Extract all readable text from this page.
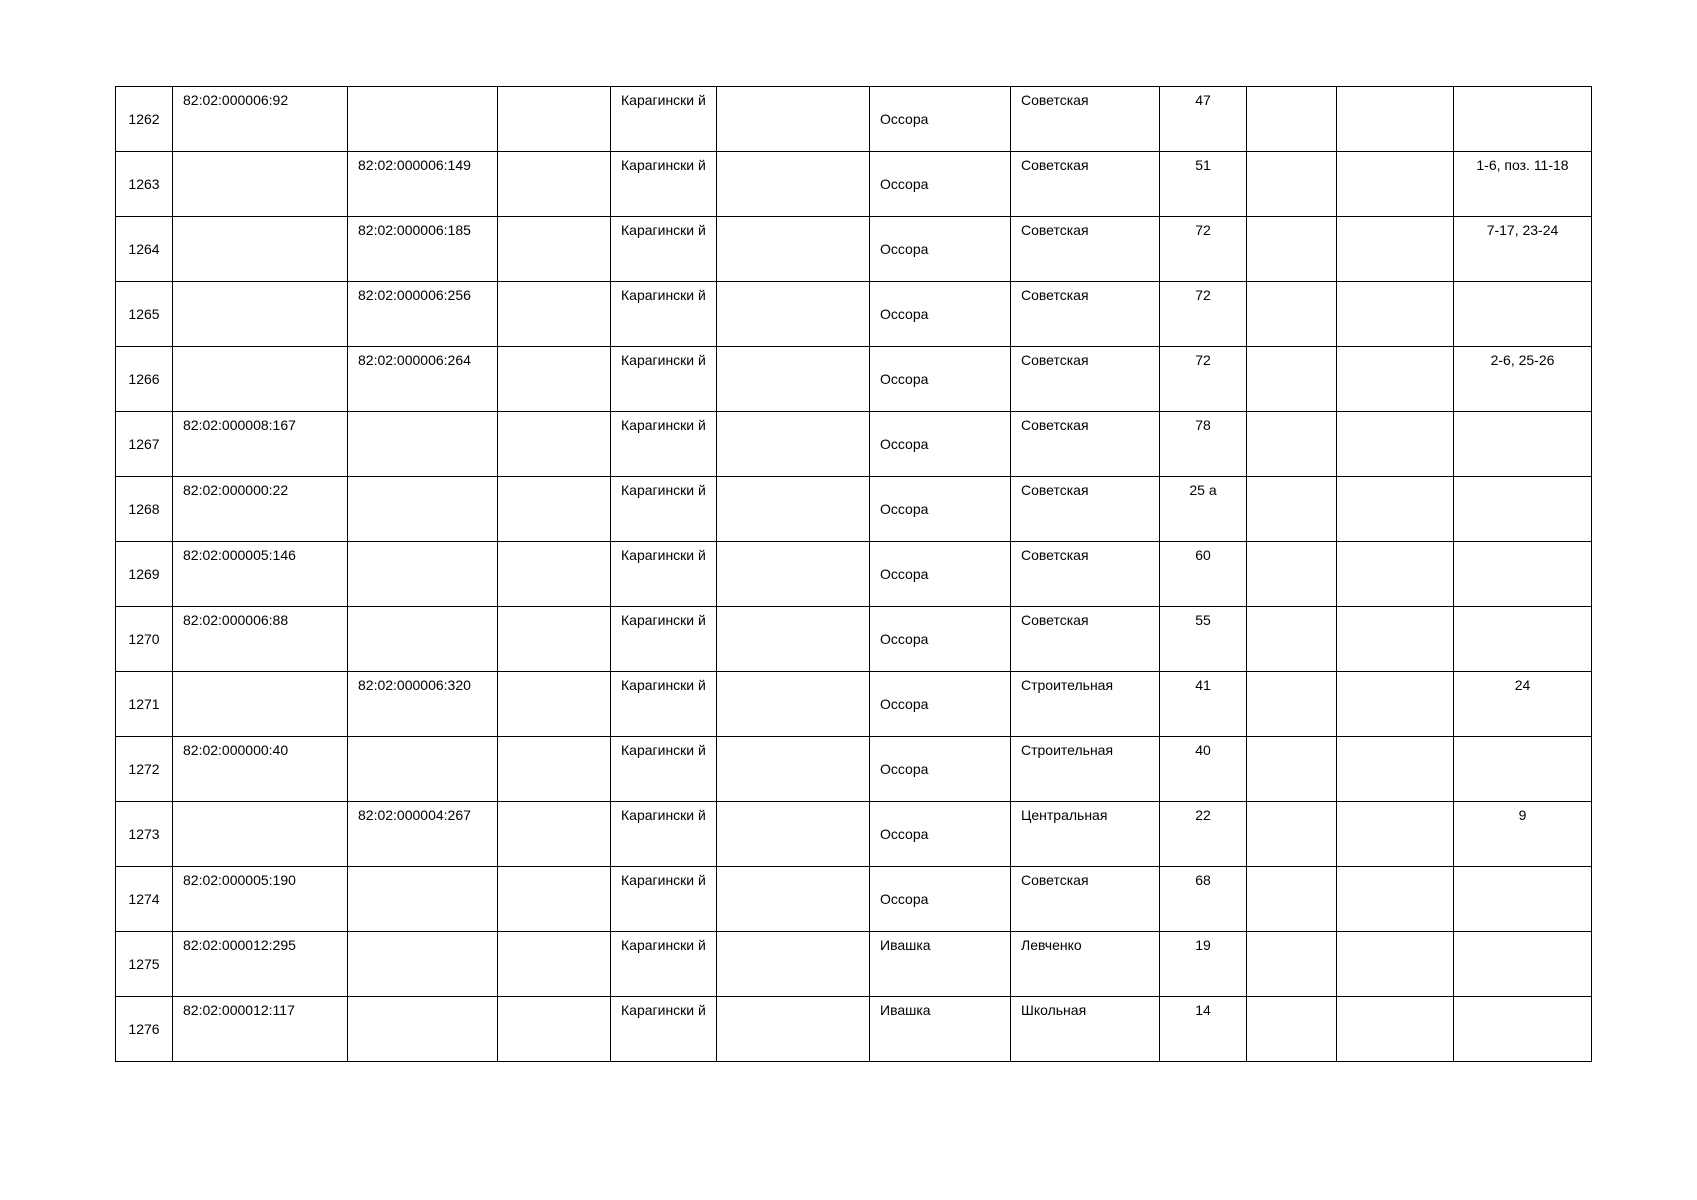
1262	82:02:000006:92			Карагински й		Оссора	Советская	47			
1263		82:02:000006:149		Карагински й		Оссора	Советская	51			1-6, поз. 11-18
1264		82:02:000006:185		Карагински й		Оссора	Советская	72			7-17, 23-24
1265		82:02:000006:256		Карагински й		Оссора	Советская	72			
1266		82:02:000006:264		Карагински й		Оссора	Советская	72			2-6, 25-26
1267	82:02:000008:167			Карагински й		Оссора	Советская	78			
1268	82:02:000000:22			Карагински й		Оссора	Советская	25 а			
1269	82:02:000005:146			Карагински й		Оссора	Советская	60			
1270	82:02:000006:88			Карагински й		Оссора	Советская	55			
1271		82:02:000006:320		Карагински й		Оссора	Строительная	41			24
1272	82:02:000000:40			Карагински й		Оссора	Строительная	40			
1273		82:02:000004:267		Карагински й		Оссора	Центральная	22			9
1274	82:02:000005:190			Карагински й		Оссора	Советская	68			
1275	82:02:000012:295			Карагински й		Ивашка	Левченко	19			
1276	82:02:000012:117			Карагински й		Ивашка	Школьная	14			
